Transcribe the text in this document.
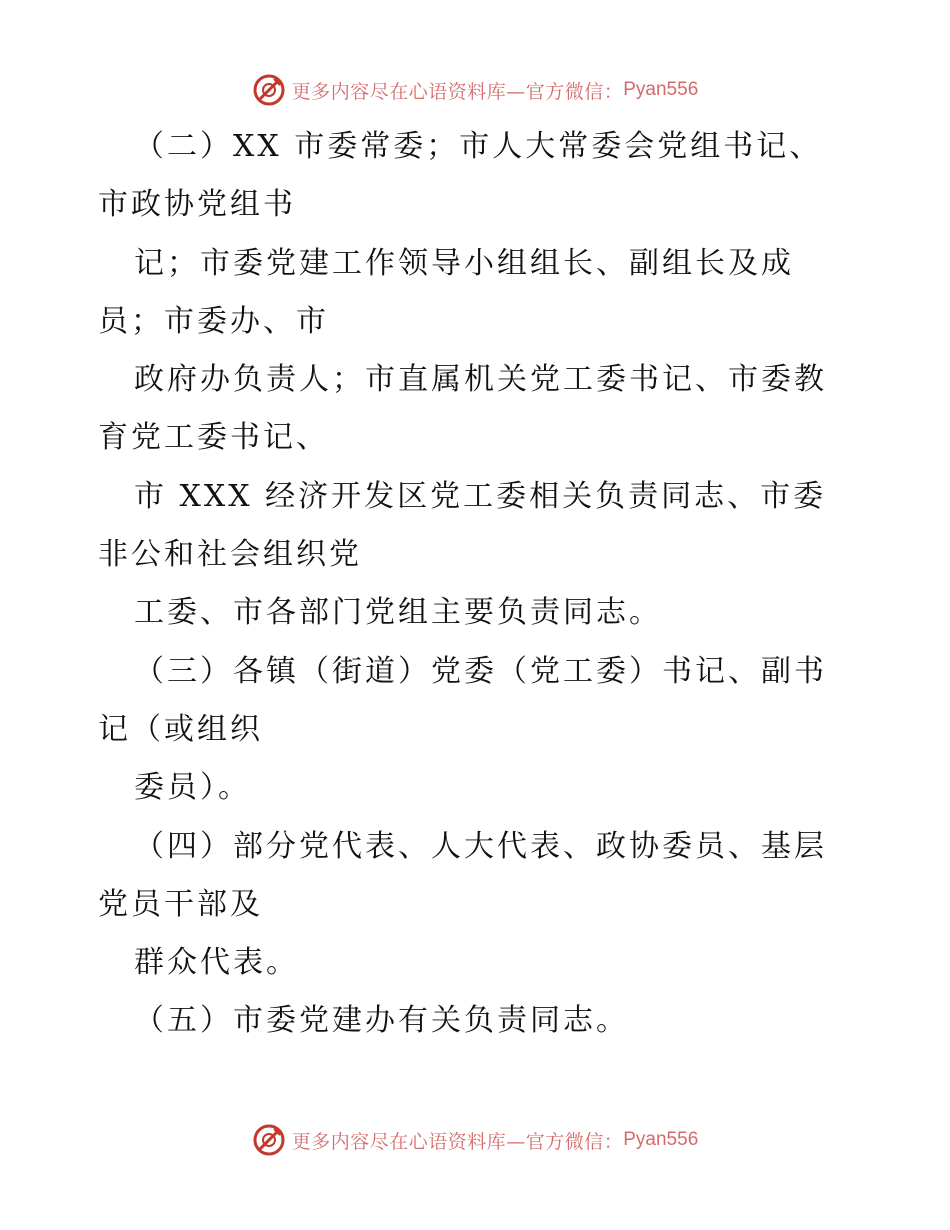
更多内容尽在心语资料库—官方微信： Pyan556
（二）XX 市委常委；市人大常委会党组书记、
市政协党组书
记；市委党建工作领导小组组长、副组长及成
员；市委办、市
政府办负责人；市直属机关党工委书记、市委教
育党工委书记、
市 XXX 经济开发区党工委相关负责同志、市委
非公和社会组织党
工委、市各部门党组主要负责同志。
（三）各镇（街道）党委（党工委）书记、副书
记（或组织
委员）。
（四）部分党代表、人大代表、政协委员、基层
党员干部及
群众代表。
（五）市委党建办有关负责同志。
更多内容尽在心语资料库—官方微信： Pyan556
